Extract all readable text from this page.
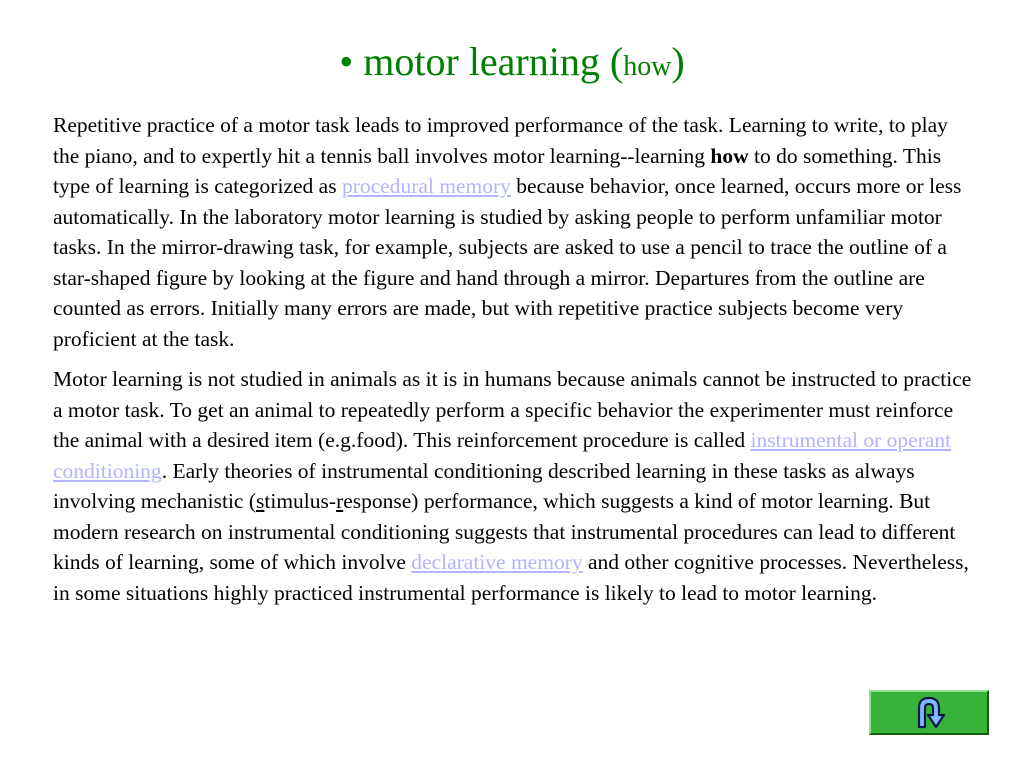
• motor learning (how)

Repetitive practice of a motor task leads to improved performance of the task. Learning to write, to play the piano, and to expertly hit a tennis ball involves motor learning--learning how to do something. This type of learning is categorized as procedural memory because behavior, once learned, occurs more or less automatically. In the laboratory motor learning is studied by asking people to perform unfamiliar motor tasks. In the mirror-drawing task, for example, subjects are asked to use a pencil to trace the outline of a star-shaped figure by looking at the figure and hand through a mirror. Departures from the outline are counted as errors. Initially many errors are made, but with repetitive practice subjects become very proficient at the task.

Motor learning is not studied in animals as it is in humans because animals cannot be instructed to practice a motor task. To get an animal to repeatedly perform a specific behavior the experimenter must reinforce the animal with a desired item (e.g.food). This reinforcement procedure is called instrumental or operant conditioning. Early theories of instrumental conditioning described learning in these tasks as always involving mechanistic (stimulus-response) performance, which suggests a kind of motor learning. But modern research on instrumental conditioning suggests that instrumental procedures can lead to different kinds of learning, some of which involve declarative memory and other cognitive processes. Nevertheless, in some situations highly practiced instrumental performance is likely to lead to motor learning.
